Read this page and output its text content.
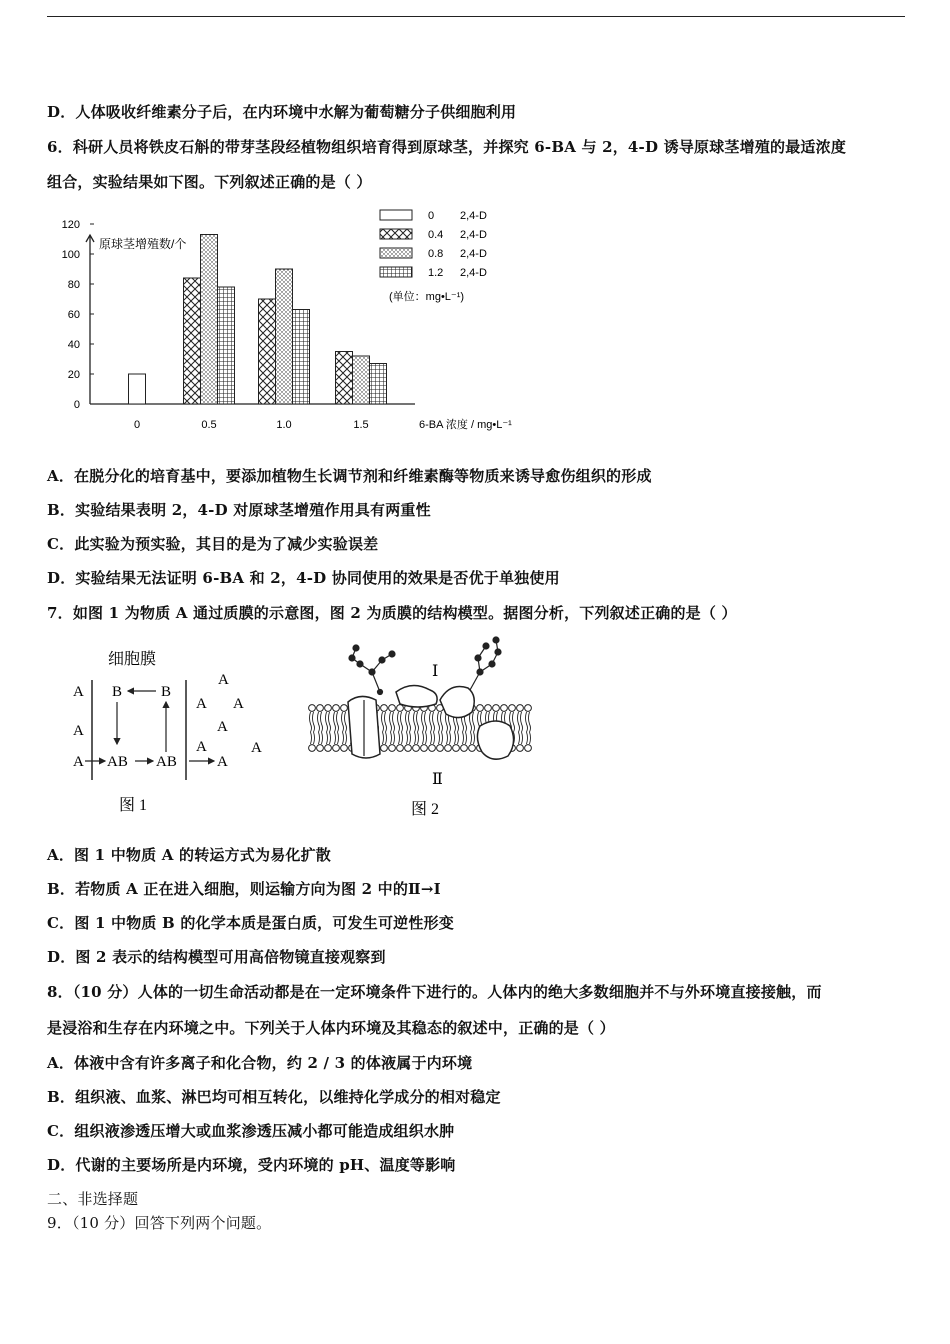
D．人体吸收纤维素分子后，在内环境中水解为葡萄糖分子供细胞利用
6．科研人员将铁皮石斛的带芽茎段经植物组织培育得到原球茎，并探究 6-BA 与 2，4-D 诱导原球茎增殖的最适浓度
组合，实验结果如下图。下列叙述正确的是（ ）
0
20
40
60
80
100
120
0	0.5	1.0	1.5
0 2,4-D
0.4 2,4-D
0.8 2,4-D
1.2 2,4-D
原球茎增殖数/个
6-BA 浓度 / mg•L⁻¹
(单位：mg•L⁻¹)
A．在脱分化的培育基中，要添加植物生长调节剂和纤维素酶等物质来诱导愈伤组织的形成
B．实验结果表明 2，4-D 对原球茎增殖作用具有两重性
C．此实验为预实验，其目的是为了减少实验误差
D．实验结果无法证明 6-BA 和 2，4-D 协同使用的效果是否优于单独使用
7．如图 1 为物质 A 通过质膜的示意图，图 2 为质膜的结构模型。据图分析，下列叙述正确的是（ ）
细胞膜
A
A
A
B	B
AB AB	A
A
A A
A
A	A
图 1
Ⅰ
Ⅱ
图 2
A．图 1 中物质 A 的转运方式为易化扩散
B．若物质 A 正在进入细胞，则运输方向为图 2 中的Ⅱ→Ⅰ
C．图 1 中物质 B 的化学本质是蛋白质，可发生可逆性形变
D．图 2 表示的结构模型可用高倍物镜直接观察到
8．（10 分）人体的一切生命活动都是在一定环境条件下进行的。人体内的绝大多数细胞并不与外环境直接接触，而
是浸浴和生存在内环境之中。下列关于人体内环境及其稳态的叙述中，正确的是（ ）
A．体液中含有许多离子和化合物，约 2 / 3 的体液属于内环境
B．组织液、血浆、淋巴均可相互转化，以维持化学成分的相对稳定
C．组织液渗透压增大或血浆渗透压减小都可能造成组织水肿
D．代谢的主要场所是内环境，受内环境的 pH、温度等影响
二、非选择题
9．（10 分）回答下列两个问题。
